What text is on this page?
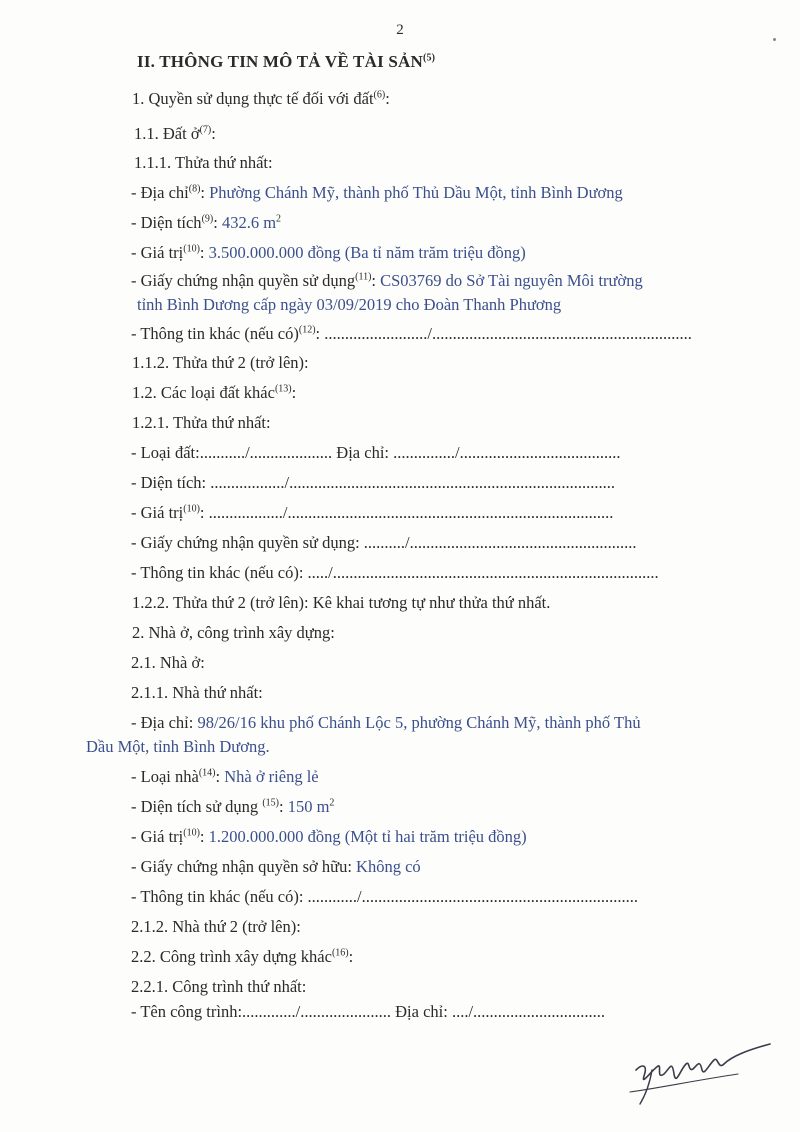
2
II. THÔNG TIN MÔ TẢ VỀ TÀI SẢN$^{(5)}$
1. Quyền sử dụng thực tế đối với đất$^{(6)}$:
1.1. Đất ở$^{(7)}$:
1.1.1. Thửa thứ nhất:
- Địa chỉ$^{(8)}$: Phường Chánh Mỹ, thành phố Thủ Dầu Một, tỉnh Bình Dương
- Diện tích$^{(9)}$: 432.6 $m^2$
- Giá trị$^{(10)}$: 3.500.000.000 đồng (Ba tỉ năm trăm triệu đồng)
- Giấy chứng nhận quyền sử dụng$^{(11)}$: CS03769 do Sở Tài nguyên Môi trường
tỉnh Bình Dương cấp ngày 03/09/2019 cho Đoàn Thanh Phương
- Thông tin khác (nếu có)$^{(12)}$: ........................./...............................................................
1.1.2. Thửa thứ 2 (trở lên):
1.2. Các loại đất khác$^{(13)}$:
1.2.1. Thửa thứ nhất:
- Loại đất:.........../.................... Địa chỉ: .............../.......................................
- Diện tích: ................../...............................................................................
- Giá trị$^{(10)}$: ................../...............................................................................
- Giấy chứng nhận quyền sử dụng: ........../.......................................................
- Thông tin khác (nếu có): ...../...............................................................................
1.2.2. Thửa thứ 2 (trở lên): Kê khai tương tự như thửa thứ nhất.
2. Nhà ở, công trình xây dựng:
2.1. Nhà ở:
2.1.1. Nhà thứ nhất:
- Địa chỉ: 98/26/16 khu phố Chánh Lộc 5, phường Chánh Mỹ, thành phố Thủ
Dầu Một, tỉnh Bình Dương.
- Loại nhà$^{(14)}$: Nhà ở riêng lẻ
- Diện tích sử dụng $^{(15)}$: 150 $m^2$
- Giá trị$^{(10)}$: 1.200.000.000 đồng (Một tỉ hai trăm triệu đồng)
- Giấy chứng nhận quyền sở hữu: Không có
- Thông tin khác (nếu có): ............/...................................................................
2.1.2. Nhà thứ 2 (trở lên):
2.2. Công trình xây dựng khác$^{(16)}$:
2.2.1. Công trình thứ nhất:
- Tên công trình:............./...................... Địa chỉ: ..../................................
